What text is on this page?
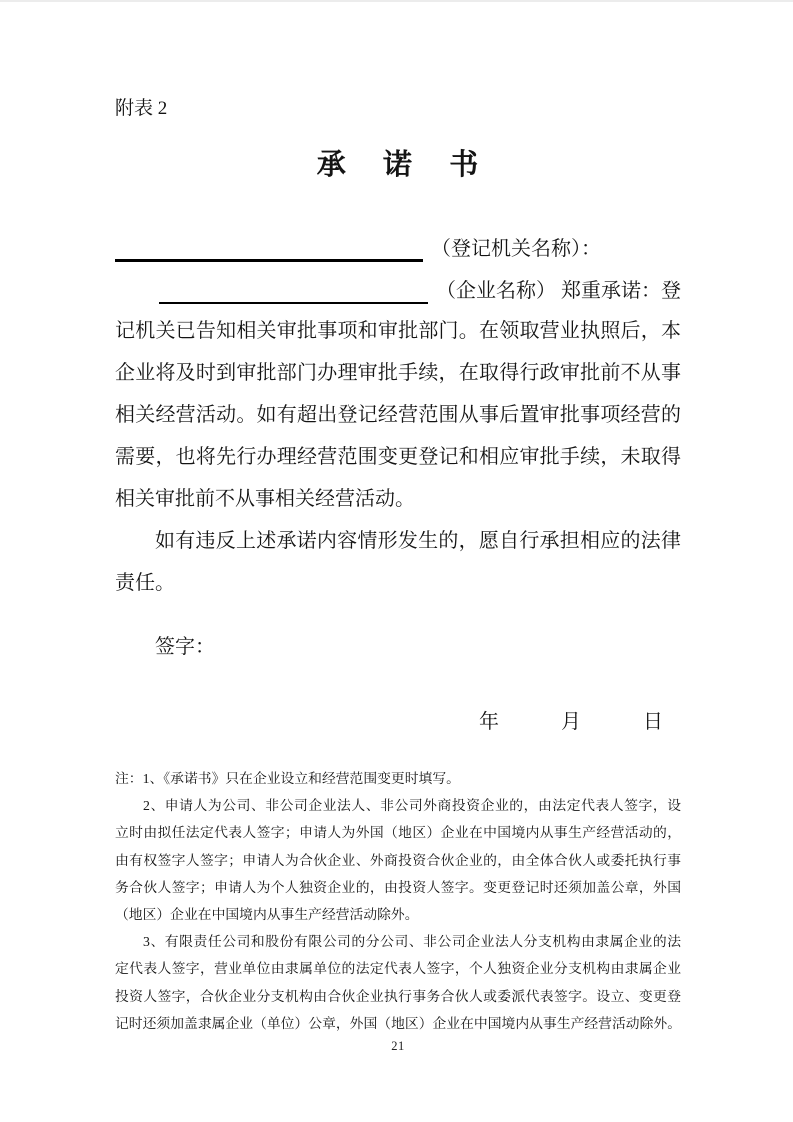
附表 2
承 诺 书
（登记机关名称）：
（企业名称） 郑重承诺：登
记机关已告知相关审批事项和审批部门。在领取营业执照后，本
企业将及时到审批部门办理审批手续，在取得行政审批前不从事
相关经营活动。如有超出登记经营范围从事后置审批事项经营的
需要，也将先行办理经营范围变更登记和相应审批手续，未取得
相关审批前不从事相关经营活动。
如有违反上述承诺内容情形发生的，愿自行承担相应的法律
责任。
签字：
年	月	日
注：1、《承诺书》只在企业设立和经营范围变更时填写。
2、申请人为公司、非公司企业法人、非公司外商投资企业的，由法定代表人签字，设
立时由拟任法定代表人签字；申请人为外国（地区）企业在中国境内从事生产经营活动的，
由有权签字人签字；申请人为合伙企业、外商投资合伙企业的，由全体合伙人或委托执行事
务合伙人签字；申请人为个人独资企业的，由投资人签字。变更登记时还须加盖公章，外国
（地区）企业在中国境内从事生产经营活动除外。
3、有限责任公司和股份有限公司的分公司、非公司企业法人分支机构由隶属企业的法
定代表人签字，营业单位由隶属单位的法定代表人签字，个人独资企业分支机构由隶属企业
投资人签字，合伙企业分支机构由合伙企业执行事务合伙人或委派代表签字。设立、变更登
记时还须加盖隶属企业（单位）公章，外国（地区）企业在中国境内从事生产经营活动除外。
21
